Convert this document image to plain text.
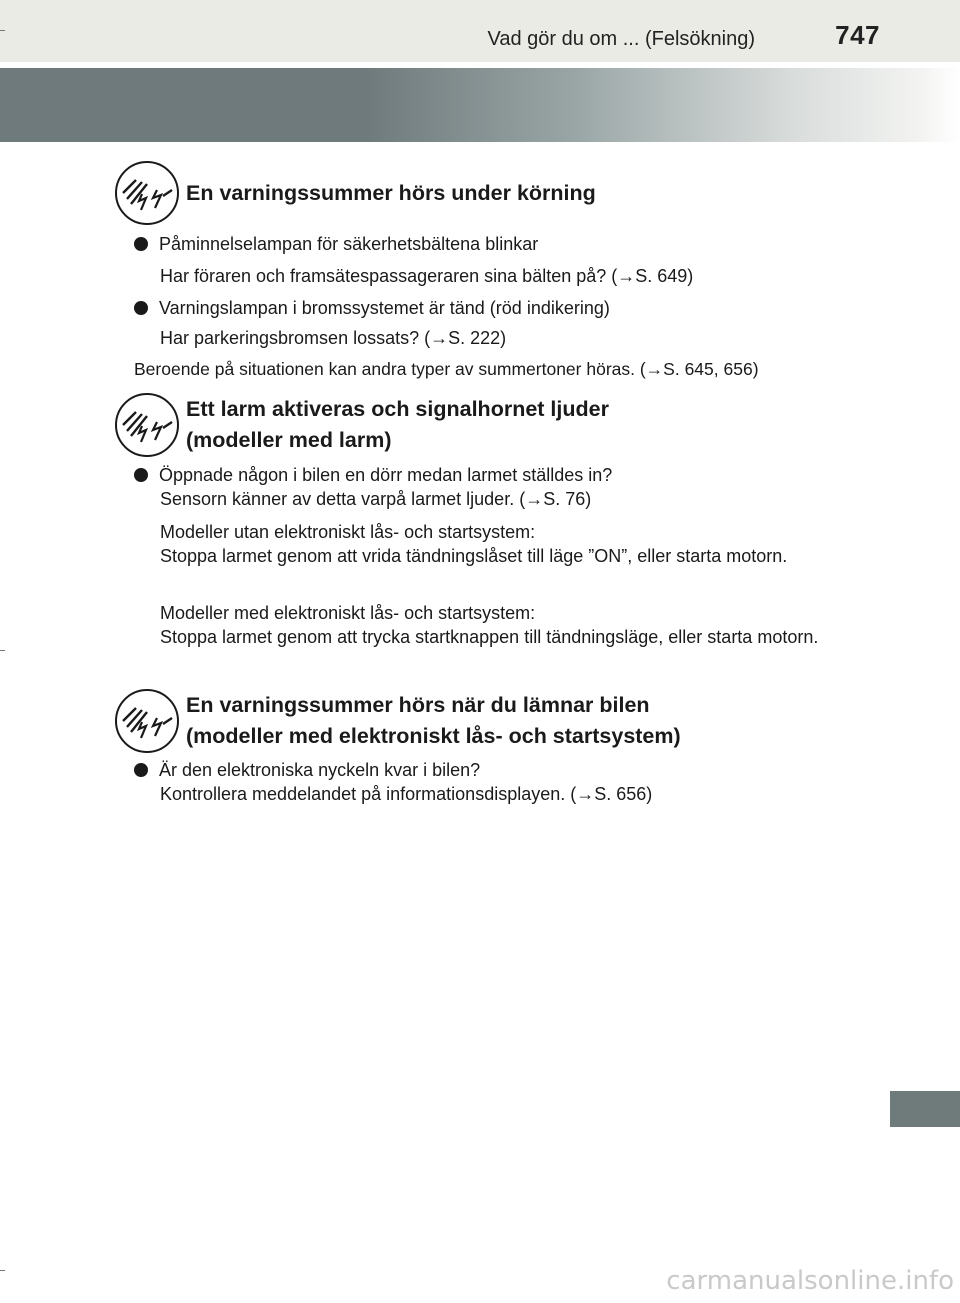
Vad gör du om ... (Felsökning)	747
En varningssummer hörs under körning
Påminnelselampan för säkerhetsbältena blinkar
Har föraren och framsätespassageraren sina bälten på? (→S. 649)
Varningslampan i bromssystemet är tänd (röd indikering)
Har parkeringsbromsen lossats? (→S. 222)
Beroende på situationen kan andra typer av summertoner höras. (→S. 645, 656)
Ett larm aktiveras och signalhornet ljuder
(modeller med larm)
Öppnade någon i bilen en dörr medan larmet ställdes in?
Sensorn känner av detta varpå larmet ljuder. (→S. 76)
Modeller utan elektroniskt lås- och startsystem:
Stoppa larmet genom att vrida tändningslåset till läge ”ON”, eller starta motorn.
Modeller med elektroniskt lås- och startsystem:
Stoppa larmet genom att trycka startknappen till tändningsläge, eller starta motorn.
En varningssummer hörs när du lämnar bilen
(modeller med elektroniskt lås- och startsystem)
Är den elektroniska nyckeln kvar i bilen?
Kontrollera meddelandet på informationsdisplayen. (→S. 656)
carmanualsonline.info
